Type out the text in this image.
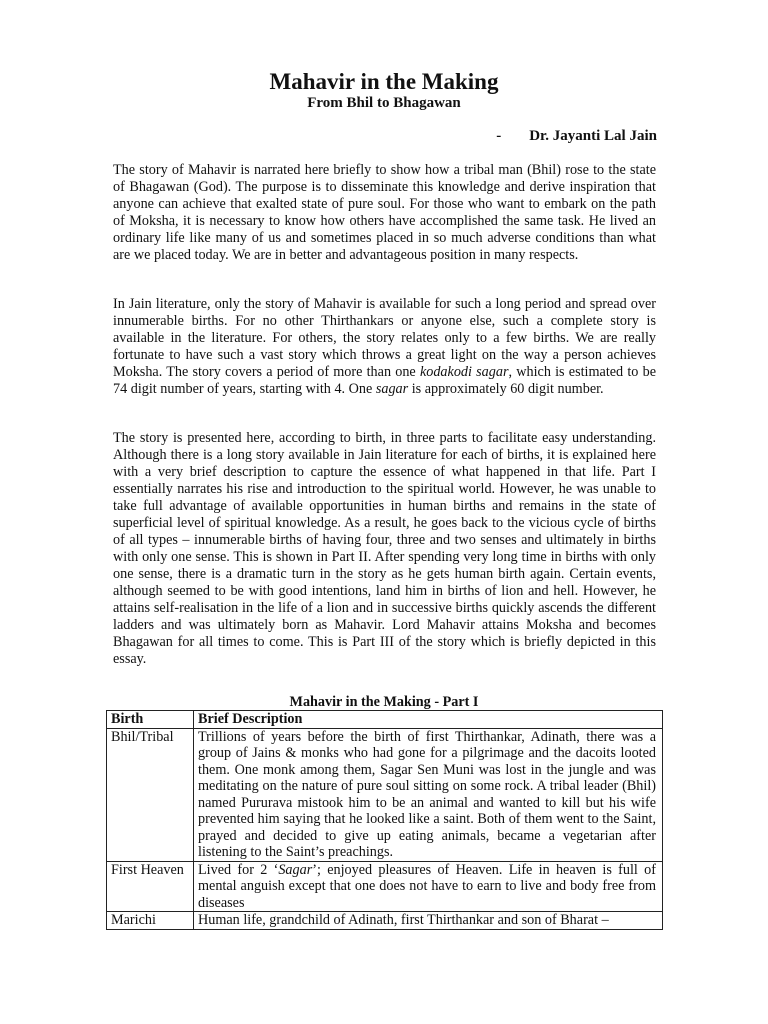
Mahavir in the Making
From Bhil to Bhagawan
- Dr. Jayanti Lal Jain

The story of Mahavir is narrated here briefly to show how a tribal man (Bhil) rose to the state of Bhagawan (God). The purpose is to disseminate this knowledge and derive inspiration that anyone can achieve that exalted state of pure soul. For those who want to embark on the path of Moksha, it is necessary to know how others have accomplished the same task. He lived an ordinary life like many of us and sometimes placed in so much adverse conditions than what are we placed today. We are in better and advantageous position in many respects.

In Jain literature, only the story of Mahavir is available for such a long period and spread over innumerable births. For no other Thirthankars or anyone else, such a complete story is available in the literature. For others, the story relates only to a few births. We are really fortunate to have such a vast story which throws a great light on the way a person achieves Moksha. The story covers a period of more than one kodakodi sagar, which is estimated to be 74 digit number of years, starting with 4. One sagar is approximately 60 digit number.

The story is presented here, according to birth, in three parts to facilitate easy understanding. Although there is a long story available in Jain literature for each of births, it is explained here with a very brief description to capture the essence of what happened in that life. Part I essentially narrates his rise and introduction to the spiritual world. However, he was unable to take full advantage of available opportunities in human births and remains in the state of superficial level of spiritual knowledge. As a result, he goes back to the vicious cycle of births of all types – innumerable births of having four, three and two senses and ultimately in births with only one sense. This is shown in Part II. After spending very long time in births with only one sense, there is a dramatic turn in the story as he gets human birth again. Certain events, although seemed to be with good intentions, land him in births of lion and hell. However, he attains self-realisation in the life of a lion and in successive births quickly ascends the different ladders and was ultimately born as Mahavir. Lord Mahavir attains Moksha and becomes Bhagawan for all times to come. This is Part III of the story which is briefly depicted in this essay.

Mahavir in the Making - Part I
Birth	Brief Description
Bhil/Tribal	Trillions of years before the birth of first Thirthankar, Adinath, there was a group of Jains & monks who had gone for a pilgrimage and the dacoits looted them. One monk among them, Sagar Sen Muni was lost in the jungle and was meditating on the nature of pure soul sitting on some rock. A tribal leader (Bhil) named Pururava mistook him to be an animal and wanted to kill but his wife prevented him saying that he looked like a saint. Both of them went to the Saint, prayed and decided to give up eating animals, became a vegetarian after listening to the Saint’s preachings.
First Heaven	Lived for 2 ‘Sagar’; enjoyed pleasures of Heaven. Life in heaven is full of mental anguish except that one does not have to earn to live and body free from diseases
Marichi	Human life, grandchild of Adinath, first Thirthankar and son of Bharat –
